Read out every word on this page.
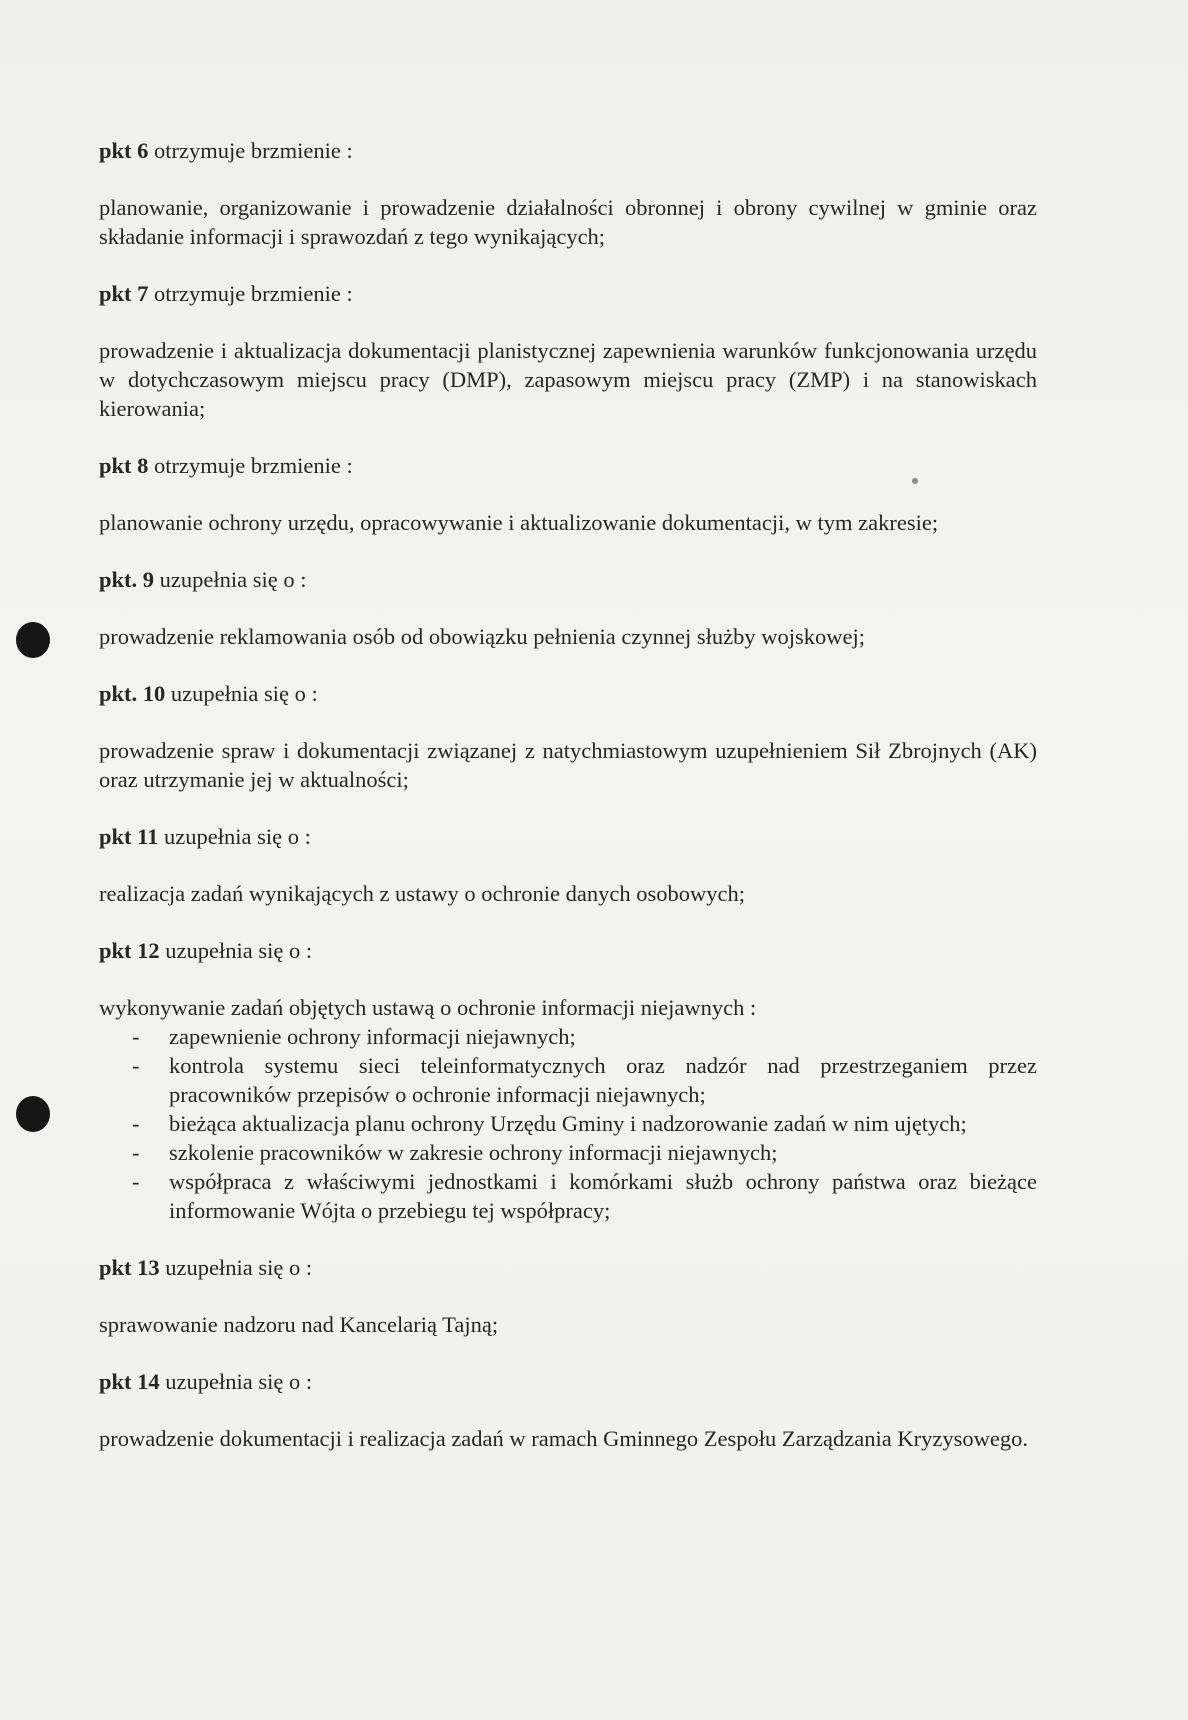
pkt 6 otrzymuje brzmienie :

planowanie, organizowanie i prowadzenie działalności obronnej i obrony cywilnej w gminie oraz składanie informacji i sprawozdań z tego wynikających;

pkt 7 otrzymuje brzmienie :

prowadzenie i aktualizacja dokumentacji planistycznej zapewnienia warunków funkcjonowania urzędu w dotychczasowym miejscu pracy (DMP), zapasowym miejscu pracy (ZMP) i na stanowiskach kierowania;

pkt 8 otrzymuje brzmienie :

planowanie ochrony urzędu, opracowywanie i aktualizowanie dokumentacji, w tym zakresie;

pkt. 9 uzupełnia się o :

prowadzenie reklamowania osób od obowiązku pełnienia czynnej służby wojskowej;

pkt. 10 uzupełnia się o :

prowadzenie spraw i dokumentacji związanej z natychmiastowym uzupełnieniem Sił Zbrojnych (AK) oraz utrzymanie jej w aktualności;

pkt 11 uzupełnia się o :

realizacja zadań wynikających z ustawy o ochronie danych osobowych;

pkt 12 uzupełnia się o :

wykonywanie zadań objętych ustawą o ochronie informacji niejawnych :

- zapewnienie ochrony informacji niejawnych;
- kontrola systemu sieci teleinformatycznych oraz nadzór nad przestrzeganiem przez pracowników przepisów o ochronie informacji niejawnych;
- bieżąca aktualizacja planu ochrony Urzędu Gminy i nadzorowanie zadań w nim ujętych;
- szkolenie pracowników w zakresie ochrony informacji niejawnych;
- współpraca z właściwymi jednostkami i komórkami służb ochrony państwa oraz bieżące informowanie Wójta o przebiegu tej współpracy;

pkt 13 uzupełnia się o :

sprawowanie nadzoru nad Kancelarią Tajną;

pkt 14 uzupełnia się o :

prowadzenie dokumentacji i realizacja zadań w ramach Gminnego Zespołu Zarządzania Kryzysowego.
